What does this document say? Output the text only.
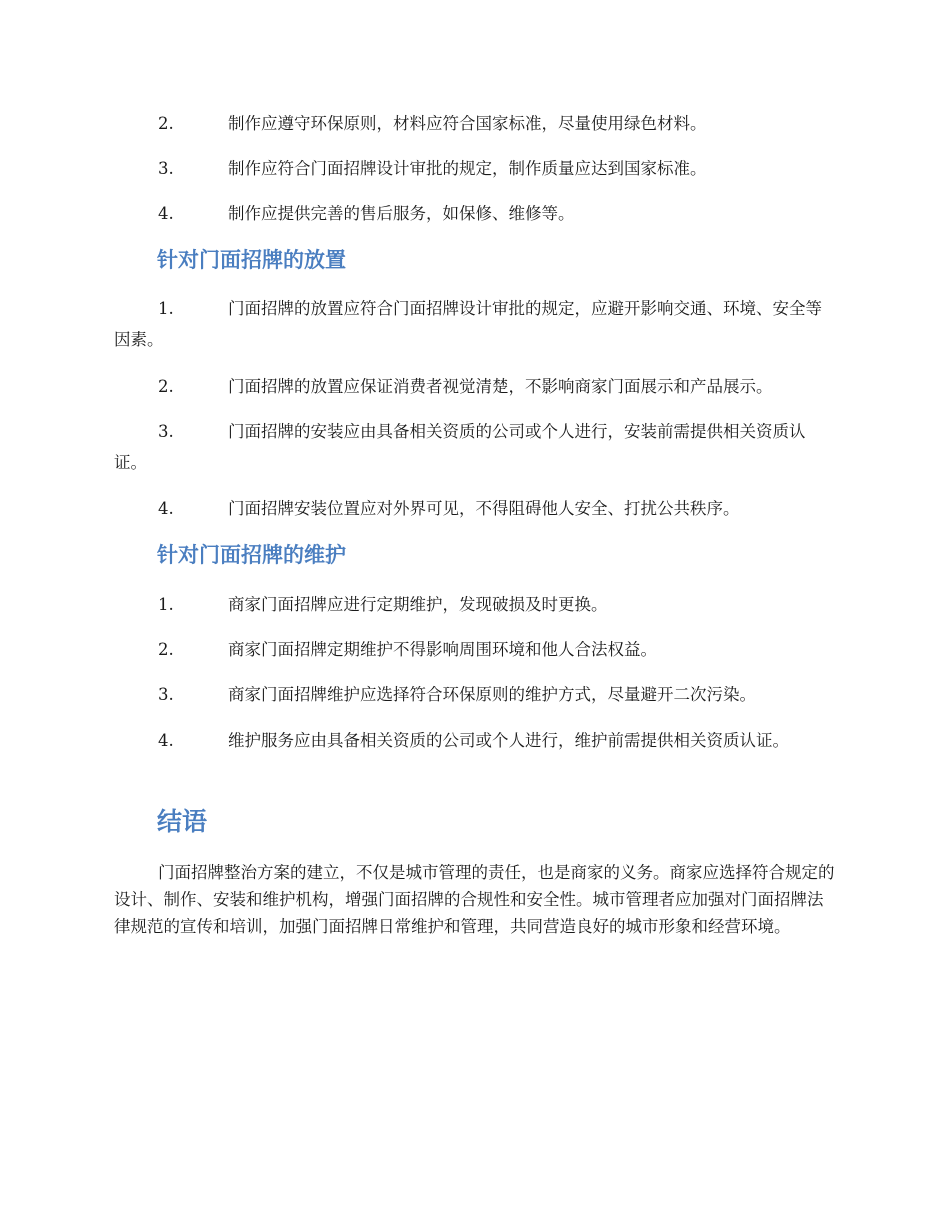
2.	制作应遵守环保原则，材料应符合国家标准，尽量使用绿色材料。

3.	制作应符合门面招牌设计审批的规定，制作质量应达到国家标准。

4.	制作应提供完善的售后服务，如保修、维修等。

针对门面招牌的放置

1.	门面招牌的放置应符合门面招牌设计审批的规定，应避开影响交通、环境、安全等因素。

2.	门面招牌的放置应保证消费者视觉清楚，不影响商家门面展示和产品展示。

3.	门面招牌的安装应由具备相关资质的公司或个人进行，安装前需提供相关资质认证。

4.	门面招牌安装位置应对外界可见，不得阻碍他人安全、打扰公共秩序。

针对门面招牌的维护

1.	商家门面招牌应进行定期维护，发现破损及时更换。

2.	商家门面招牌定期维护不得影响周围环境和他人合法权益。

3.	商家门面招牌维护应选择符合环保原则的维护方式，尽量避开二次污染。

4.	维护服务应由具备相关资质的公司或个人进行，维护前需提供相关资质认证。

结语

门面招牌整治方案的建立，不仅是城市管理的责任，也是商家的义务。商家应选择符合规定的设计、制作、安装和维护机构，增强门面招牌的合规性和安全性。城市管理者应加强对门面招牌法律规范的宣传和培训，加强门面招牌日常维护和管理，共同营造良好的城市形象和经营环境。
